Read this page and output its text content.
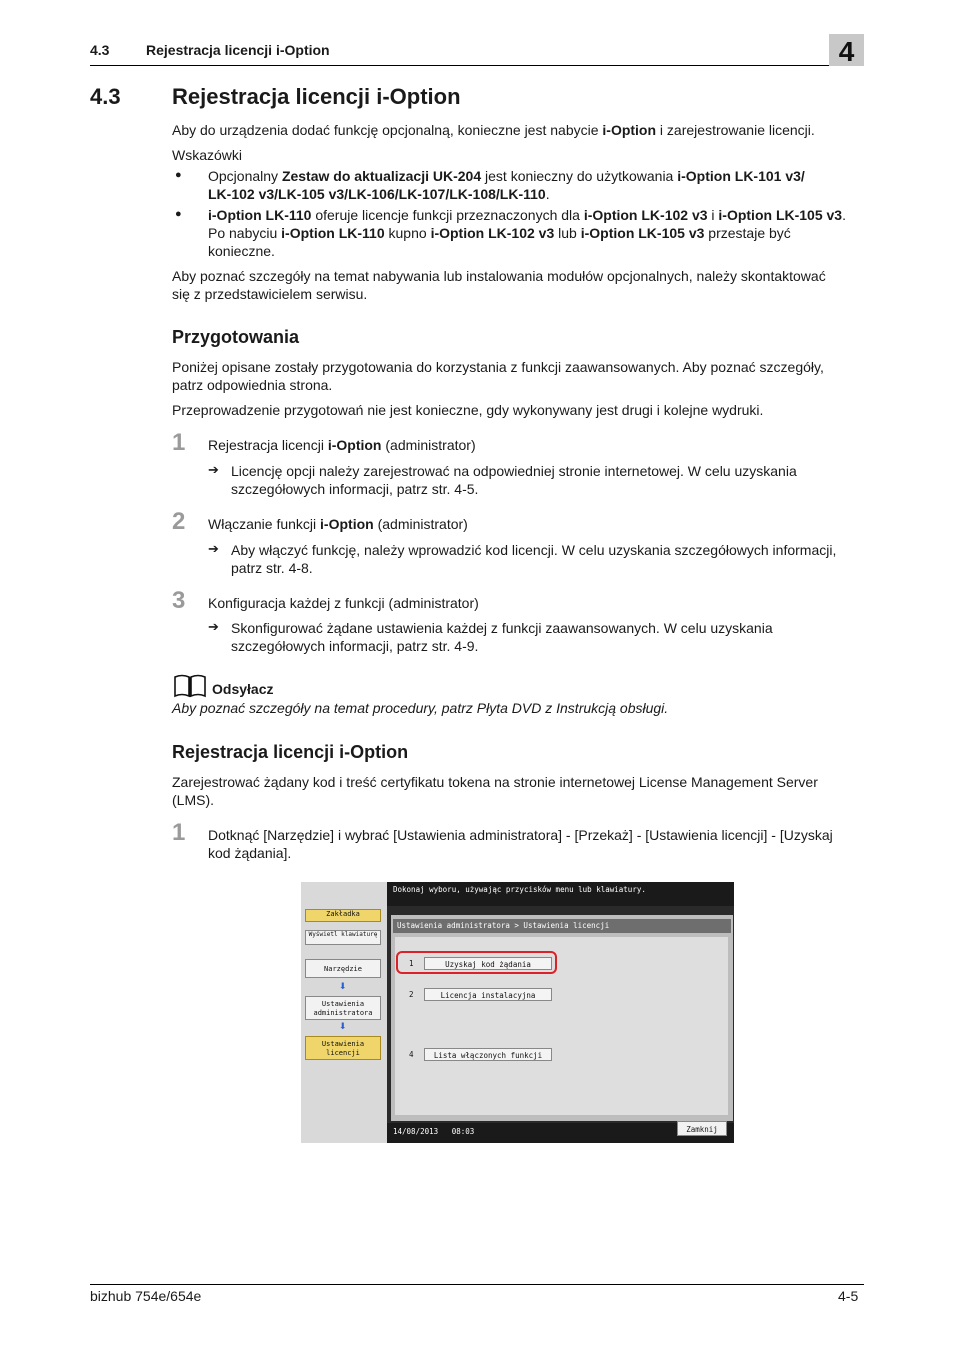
4.3	Rejestracja licencji i-Option	4
4.3 Rejestracja licencji i-Option
Aby do urządzenia dodać funkcję opcjonalną, konieczne jest nabycie i-Option i zarejestrowanie licencji.
Wskazówki
● Opcjonalny Zestaw do aktualizacji UK-204 jest konieczny do użytkowania i-Option LK-101 v3/
LK-102 v3/LK-105 v3/LK-106/LK-107/LK-108/LK-110.
● i-Option LK-110 oferuje licencje funkcji przeznaczonych dla i-Option LK-102 v3 i i-Option LK-105 v3.
Po nabyciu i-Option LK-110 kupno i-Option LK-102 v3 lub i-Option LK-105 v3 przestaje być
konieczne.
Aby poznać szczegóły na temat nabywania lub instalowania modułów opcjonalnych, należy skontaktować
się z przedstawicielem serwisu.
Przygotowania
Poniżej opisane zostały przygotowania do korzystania z funkcji zaawansowanych. Aby poznać szczegóły,
patrz odpowiednia strona.
Przeprowadzenie przygotowań nie jest konieczne, gdy wykonywany jest drugi i kolejne wydruki.
1 Rejestracja licencji i-Option (administrator)
➔ Licencję opcji należy zarejestrować na odpowiedniej stronie internetowej. W celu uzyskania
szczegółowych informacji, patrz str. 4-5.
2 Włączanie funkcji i-Option (administrator)
➔ Aby włączyć funkcję, należy wprowadzić kod licencji. W celu uzyskania szczegółowych informacji,
patrz str. 4-8.
3 Konfiguracja każdej z funkcji (administrator)
➔ Skonfigurować żądane ustawienia każdej z funkcji zaawansowanych. W celu uzyskania
szczegółowych informacji, patrz str. 4-9.
Odsyłacz
Aby poznać szczegóły na temat procedury, patrz Płyta DVD z Instrukcją obsługi.
Rejestracja licencji i-Option
Zarejestrować żądany kod i treść certyfikatu tokena na stronie internetowej License Management Server
(LMS).
1 Dotknąć [Narzędzie] i wybrać [Ustawienia administratora] - [Przekaż] - [Ustawienia licencji] - [Uzyskaj
kod żądania].
Zakładka
Wyświetl klawiaturę
Narzędzie
⬇
Ustawienia
administratora
⬇
Ustawienia
licencji
Dokonaj wyboru, używając przycisków menu lub klawiatury.
Ustawienia administratora > Ustawienia licencji
1	Uzyskaj kod żądania
2	Licencja instalacyjna
4	Lista włączonych funkcji
14/08/2013 08:03	Zamknij
bizhub 754e/654e	4-5
